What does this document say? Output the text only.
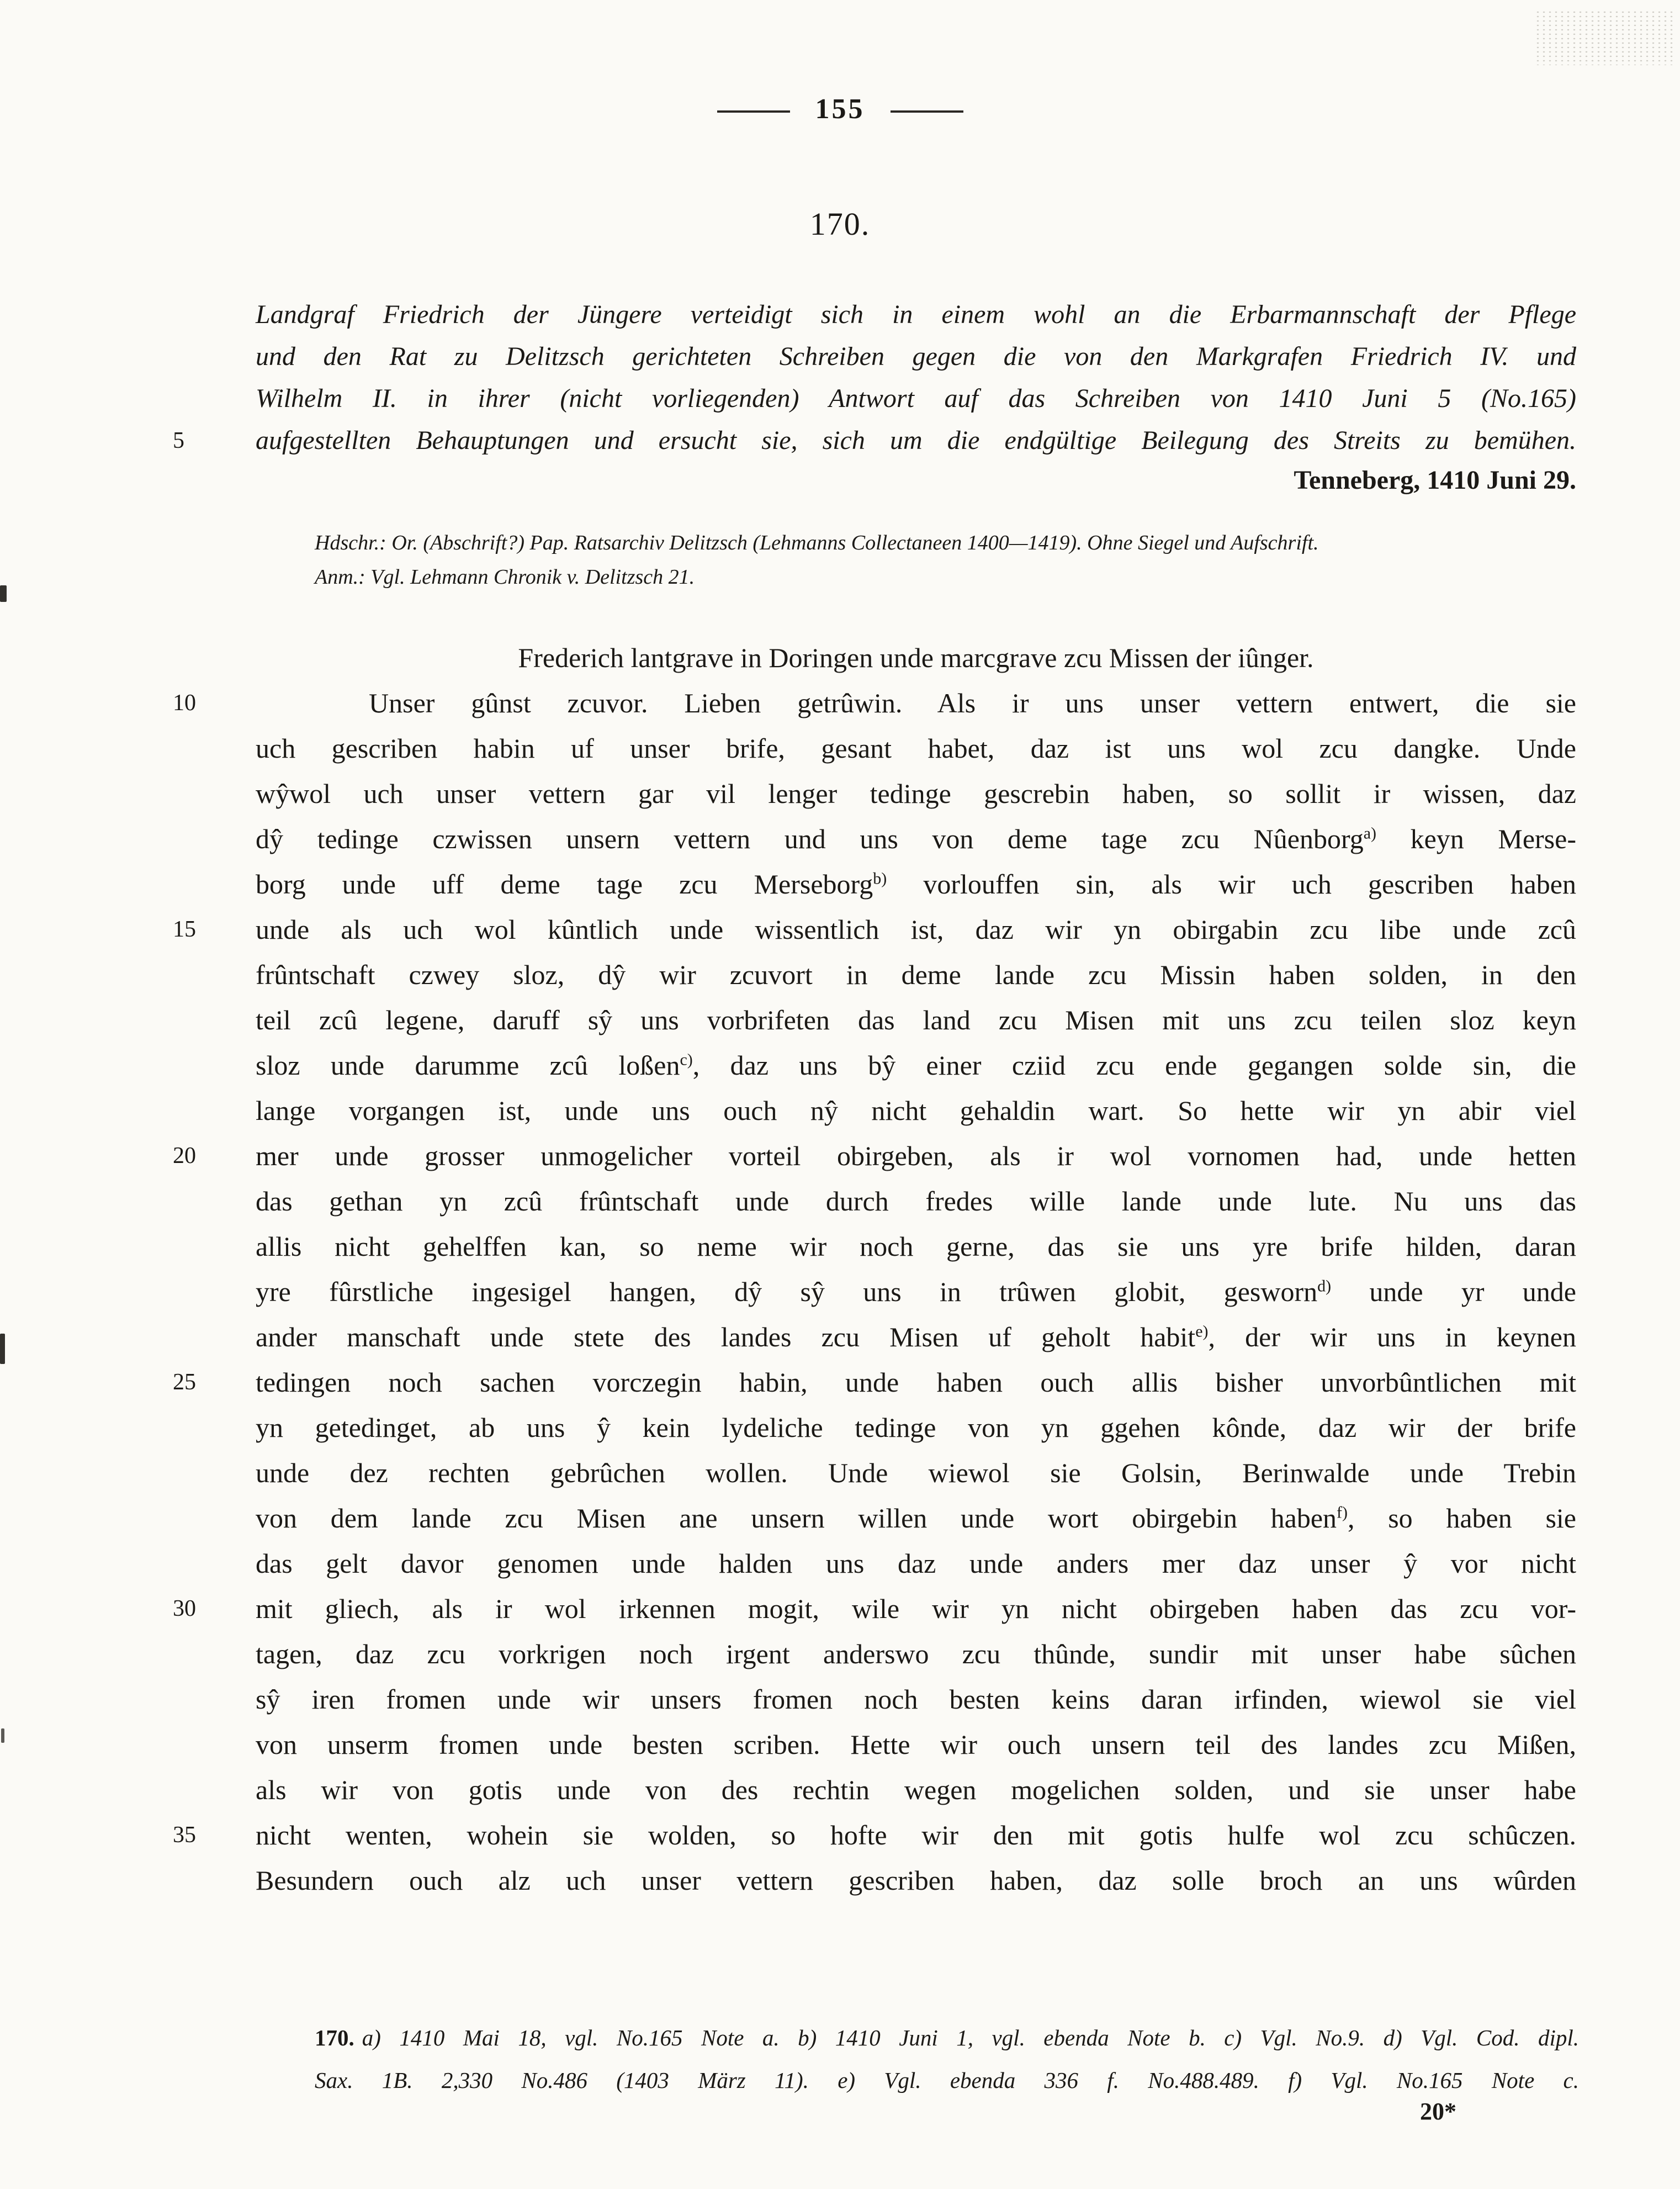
155
170.
Landgraf Friedrich der Jüngere verteidigt sich in einem wohl an die Erbarmannschaft der Pflege
und den Rat zu Delitzsch gerichteten Schreiben gegen die von den Markgrafen Friedrich IV. und
Wilhelm II. in ihrer (nicht vorliegenden) Antwort auf das Schreiben von 1410 Juni 5 (No.165)
5	aufgestellten Behauptungen und ersucht sie, sich um die endgültige Beilegung des Streits zu bemühen.
Tenneberg, 1410 Juni 29.
Hdschr.: Or. (Abschrift?) Pap. Ratsarchiv Delitzsch (Lehmanns Collectaneen 1400—1419). Ohne Siegel und Aufschrift.
Anm.: Vgl. Lehmann Chronik v. Delitzsch 21.
Frederich lantgrave in Doringen unde marcgrave zcu Missen der iûnger.
10	Unser gûnst zcuvor. Lieben getrûwin. Als ir uns unser vettern entwert, die sie
uch gescriben habin uf unser brife, gesant habet, daz ist uns wol zcu dangke. Unde
wŷwol uch unser vettern gar vil lenger tedinge gescrebin haben, so sollit ir wissen, daz
dŷ tedinge czwissen unsern vettern und uns von deme tage zcu Nûenborg$^{a)}$ keyn Merse-
borg unde uff deme tage zcu Merseborg$^{b)}$ vorlouffen sin, als wir uch gescriben haben
15	unde als uch wol kûntlich unde wissentlich ist, daz wir yn obirgabin zcu libe unde zcû
frûntschaft czwey sloz, dŷ wir zcuvort in deme lande zcu Missin haben solden, in den
teil zcû legene, daruff sŷ uns vorbrifeten das land zcu Misen mit uns zcu teilen sloz keyn
sloz unde darumme zcû loßen$^{c)}$, daz uns bŷ einer cziid zcu ende gegangen solde sin, die
lange vorgangen ist, unde uns ouch nŷ nicht gehaldin wart. So hette wir yn abir viel
20	mer unde grosser unmogelicher vorteil obirgeben, als ir wol vornomen had, unde hetten
das gethan yn zcû frûntschaft unde durch fredes wille lande unde lute. Nu uns das
allis nicht gehelffen kan, so neme wir noch gerne, das sie uns yre brife hilden, daran
yre fûrstliche ingesigel hangen, dŷ sŷ uns in trûwen globit, gesworn$^{d)}$ unde yr unde
ander manschaft unde stete des landes zcu Misen uf geholt habit$^{e)}$, der wir uns in keynen
25	tedingen noch sachen vorczegin habin, unde haben ouch allis bisher unvorbûntlichen mit
yn getedinget, ab uns ŷ kein lydeliche tedinge von yn ggehen kônde, daz wir der brife
unde dez rechten gebrûchen wollen. Unde wiewol sie Golsin, Berinwalde unde Trebin
von dem lande zcu Misen ane unsern willen unde wort obirgebin haben$^{f)}$, so haben sie
das gelt davor genomen unde halden uns daz unde anders mer daz unser ŷ vor nicht
30	mit gliech, als ir wol irkennen mogit, wile wir yn nicht obirgeben haben das zcu vor-
tagen, daz zcu vorkrigen noch irgent anderswo zcu thûnde, sundir mit unser habe sûchen
sŷ iren fromen unde wir unsers fromen noch besten keins daran irfinden, wiewol sie viel
von unserm fromen unde besten scriben. Hette wir ouch unsern teil des landes zcu Mißen,
als wir von gotis unde von des rechtin wegen mogelichen solden, und sie unser habe
35	nicht wenten, wohein sie wolden, so hofte wir den mit gotis hulfe wol zcu schûczen.
Besundern ouch alz uch unser vettern gescriben haben, daz solle broch an uns wûrden
170. a) 1410 Mai 18, vgl. No.165 Note a. b) 1410 Juni 1, vgl. ebenda Note b. c) Vgl. No.9. d) Vgl. Cod. dipl.
Sax. 1B. 2,330 No.486 (1403 März 11). e) Vgl. ebenda 336 f. No.488.489. f) Vgl. No.165 Note c.
20*
